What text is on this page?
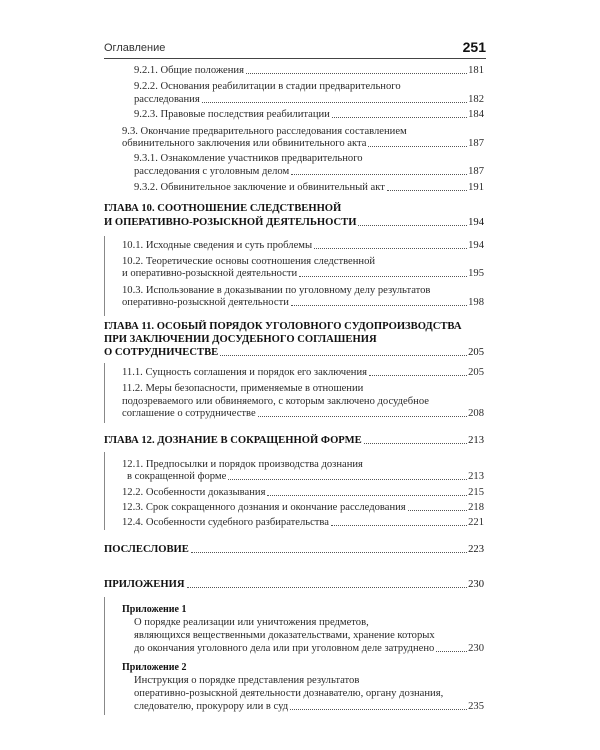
Оглавление	251
9.2.1. Общие положения	181
9.2.2. Основания реабилитации в стадии предварительного
расследования	182
9.2.3. Правовые последствия реабилитации	184
9.3. Окончание предварительного расследования составлением
обвинительного заключения или обвинительного акта	187
9.3.1. Ознакомление участников предварительного
расследования с уголовным делом	187
9.3.2. Обвинительное заключение и обвинительный акт	191
ГЛАВА 10. СООТНОШЕНИЕ СЛЕДСТВЕННОЙ
И ОПЕРАТИВНО-РОЗЫСКНОЙ ДЕЯТЕЛЬНОСТИ	194
10.1. Исходные сведения и суть проблемы	194
10.2. Теоретические основы соотношения следственной
и оперативно-розыскной деятельности	195
10.3. Использование в доказывании по уголовному делу результатов
оперативно-розыскной деятельности	198
ГЛАВА 11. ОСОБЫЙ ПОРЯДОК УГОЛОВНОГО СУДОПРОИЗВОДСТВА
ПРИ ЗАКЛЮЧЕНИИ ДОСУДЕБНОГО СОГЛАШЕНИЯ
О СОТРУДНИЧЕСТВЕ	205
11.1. Сущность соглашения и порядок его заключения	205
11.2. Меры безопасности, применяемые в отношении
подозреваемого или обвиняемого, с которым заключено досудебное
соглашение о сотрудничестве	208
ГЛАВА 12. ДОЗНАНИЕ В СОКРАЩЕННОЙ ФОРМЕ	213
12.1. Предпосылки и порядок производства дознания
в сокращенной форме	213
12.2. Особенности доказывания	215
12.3. Срок сокращенного дознания и окончание расследования	218
12.4. Особенности судебного разбирательства	221
ПОСЛЕСЛОВИЕ	223
ПРИЛОЖЕНИЯ	230
Приложение 1
О порядке реализации или уничтожения предметов,
являющихся вещественными доказательствами, хранение которых
до окончания уголовного дела или при уголовном деле затруднено	230
Приложение 2
Инструкция о порядке представления результатов
оперативно-розыскной деятельности дознавателю, органу дознания,
следователю, прокурору или в суд	235
